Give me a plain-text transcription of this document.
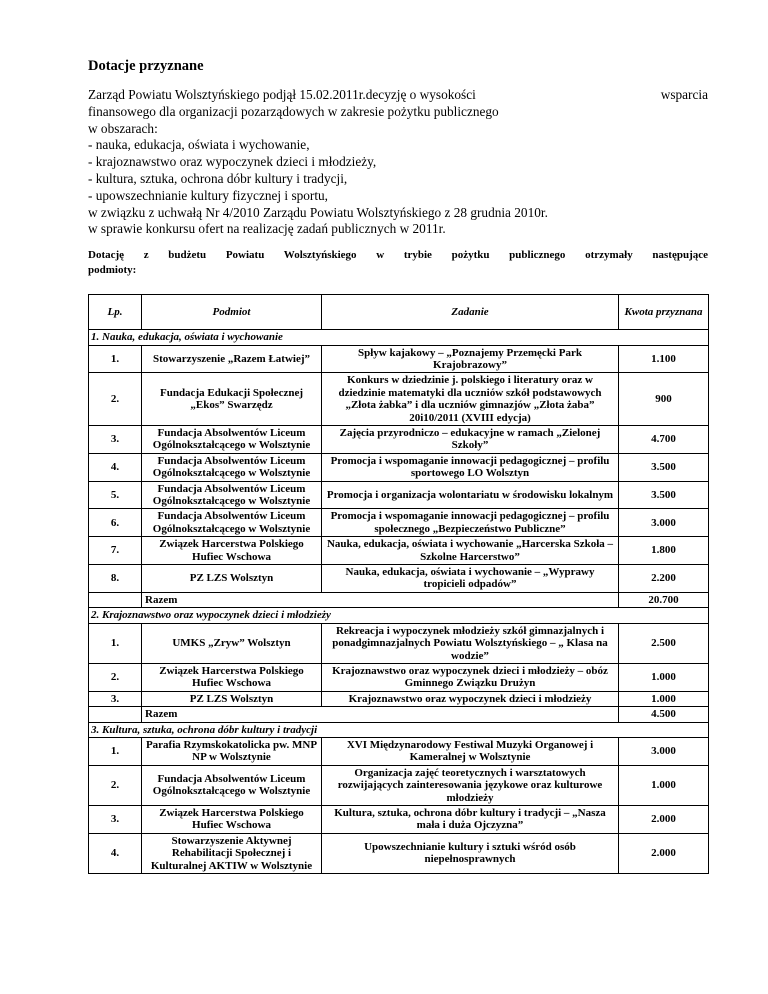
Dotacje przyznane
Zarząd Powiatu Wolsztyńskiego podjął 15.02.2011r.decyzję o wysokości	wsparcia
finansowego dla organizacji pozarządowych w zakresie pożytku publicznego
w obszarach:
- nauka, edukacja, oświata i wychowanie,
- krajoznawstwo oraz wypoczynek dzieci i młodzieży,
- kultura, sztuka, ochrona dóbr kultury i tradycji,
- upowszechnianie kultury fizycznej i sportu,
w związku z uchwałą Nr 4/2010 Zarządu Powiatu Wolsztyńskiego z 28 grudnia 2010r.
w sprawie konkursu ofert na realizację zadań publicznych w 2011r.
Dotację z budżetu Powiatu Wolsztyńskiego w trybie pożytku publicznego otrzymały następujące
podmioty:
Lp.	Podmiot	Zadanie	Kwota przyznana
1. Nauka, edukacja, oświata i wychowanie			
1.	Stowarzyszenie „Razem Łatwiej”	Spływ kajakowy – „Poznajemy Przemęcki Park Krajobrazowy”	1.100
2.	Fundacja Edukacji Społecznej „Ekos” Swarzędz	Konkurs w dziedzinie j. polskiego i literatury oraz w dziedzinie matematyki dla uczniów szkół podstawowych „Złota żabka” i dla uczniów gimnazjów „Złota żaba” 20i10/2011 (XVIII edycja)	900
3.	Fundacja Absolwentów Liceum Ogólnokształcącego w Wolsztynie	Zajęcia przyrodniczo – edukacyjne w ramach „Zielonej Szkoły”	4.700
4.	Fundacja Absolwentów Liceum Ogólnokształcącego w Wolsztynie	Promocja i wspomaganie innowacji pedagogicznej – profilu sportowego LO Wolsztyn	3.500
5.	Fundacja Absolwentów Liceum Ogólnokształcącego w Wolsztynie	Promocja i organizacja wolontariatu w środowisku lokalnym	3.500
6.	Fundacja Absolwentów Liceum Ogólnokształcącego w Wolsztynie	Promocja i wspomaganie innowacji pedagogicznej – profilu społecznego „Bezpieczeństwo Publiczne”	3.000
7.	Związek Harcerstwa Polskiego Hufiec Wschowa	Nauka, edukacja, oświata i wychowanie „Harcerska Szkoła – Szkolne Harcerstwo”	1.800
8.	PZ LZS Wolsztyn	Nauka, edukacja, oświata i wychowanie – „Wyprawy tropicieli odpadów”	2.200
	Razem		20.700
2. Krajoznawstwo oraz wypoczynek dzieci i młodzieży			
1.	UMKS „Zryw” Wolsztyn	Rekreacja i wypoczynek młodzieży szkół gimnazjalnych i ponadgimnazjalnych Powiatu Wolsztyńskiego – „ Klasa na wodzie”	2.500
2.	Związek Harcerstwa Polskiego Hufiec Wschowa	Krajoznawstwo oraz wypoczynek dzieci i młodzieży – obóz Gminnego Związku Drużyn	1.000
3.	PZ LZS Wolsztyn	Krajoznawstwo oraz wypoczynek dzieci i młodzieży	1.000
	Razem		4.500
3. Kultura, sztuka, ochrona dóbr kultury i tradycji			
1.	Parafia Rzymskokatolicka pw. MNP NP w Wolsztynie	XVI Międzynarodowy Festiwal Muzyki Organowej i Kameralnej w Wolsztynie	3.000
2.	Fundacja Absolwentów Liceum Ogólnokształcącego w Wolsztynie	Organizacja zajęć teoretycznych i warsztatowych rozwijających zainteresowania językowe oraz kulturowe młodzieży	1.000
3.	Związek Harcerstwa Polskiego Hufiec Wschowa	Kultura, sztuka, ochrona dóbr kultury i tradycji – „Nasza mała i duża Ojczyzna”	2.000
4.	Stowarzyszenie Aktywnej Rehabilitacji Społecznej i Kulturalnej AKTIW w Wolsztynie	Upowszechnianie kultury i sztuki wśród osób niepełnosprawnych	2.000
